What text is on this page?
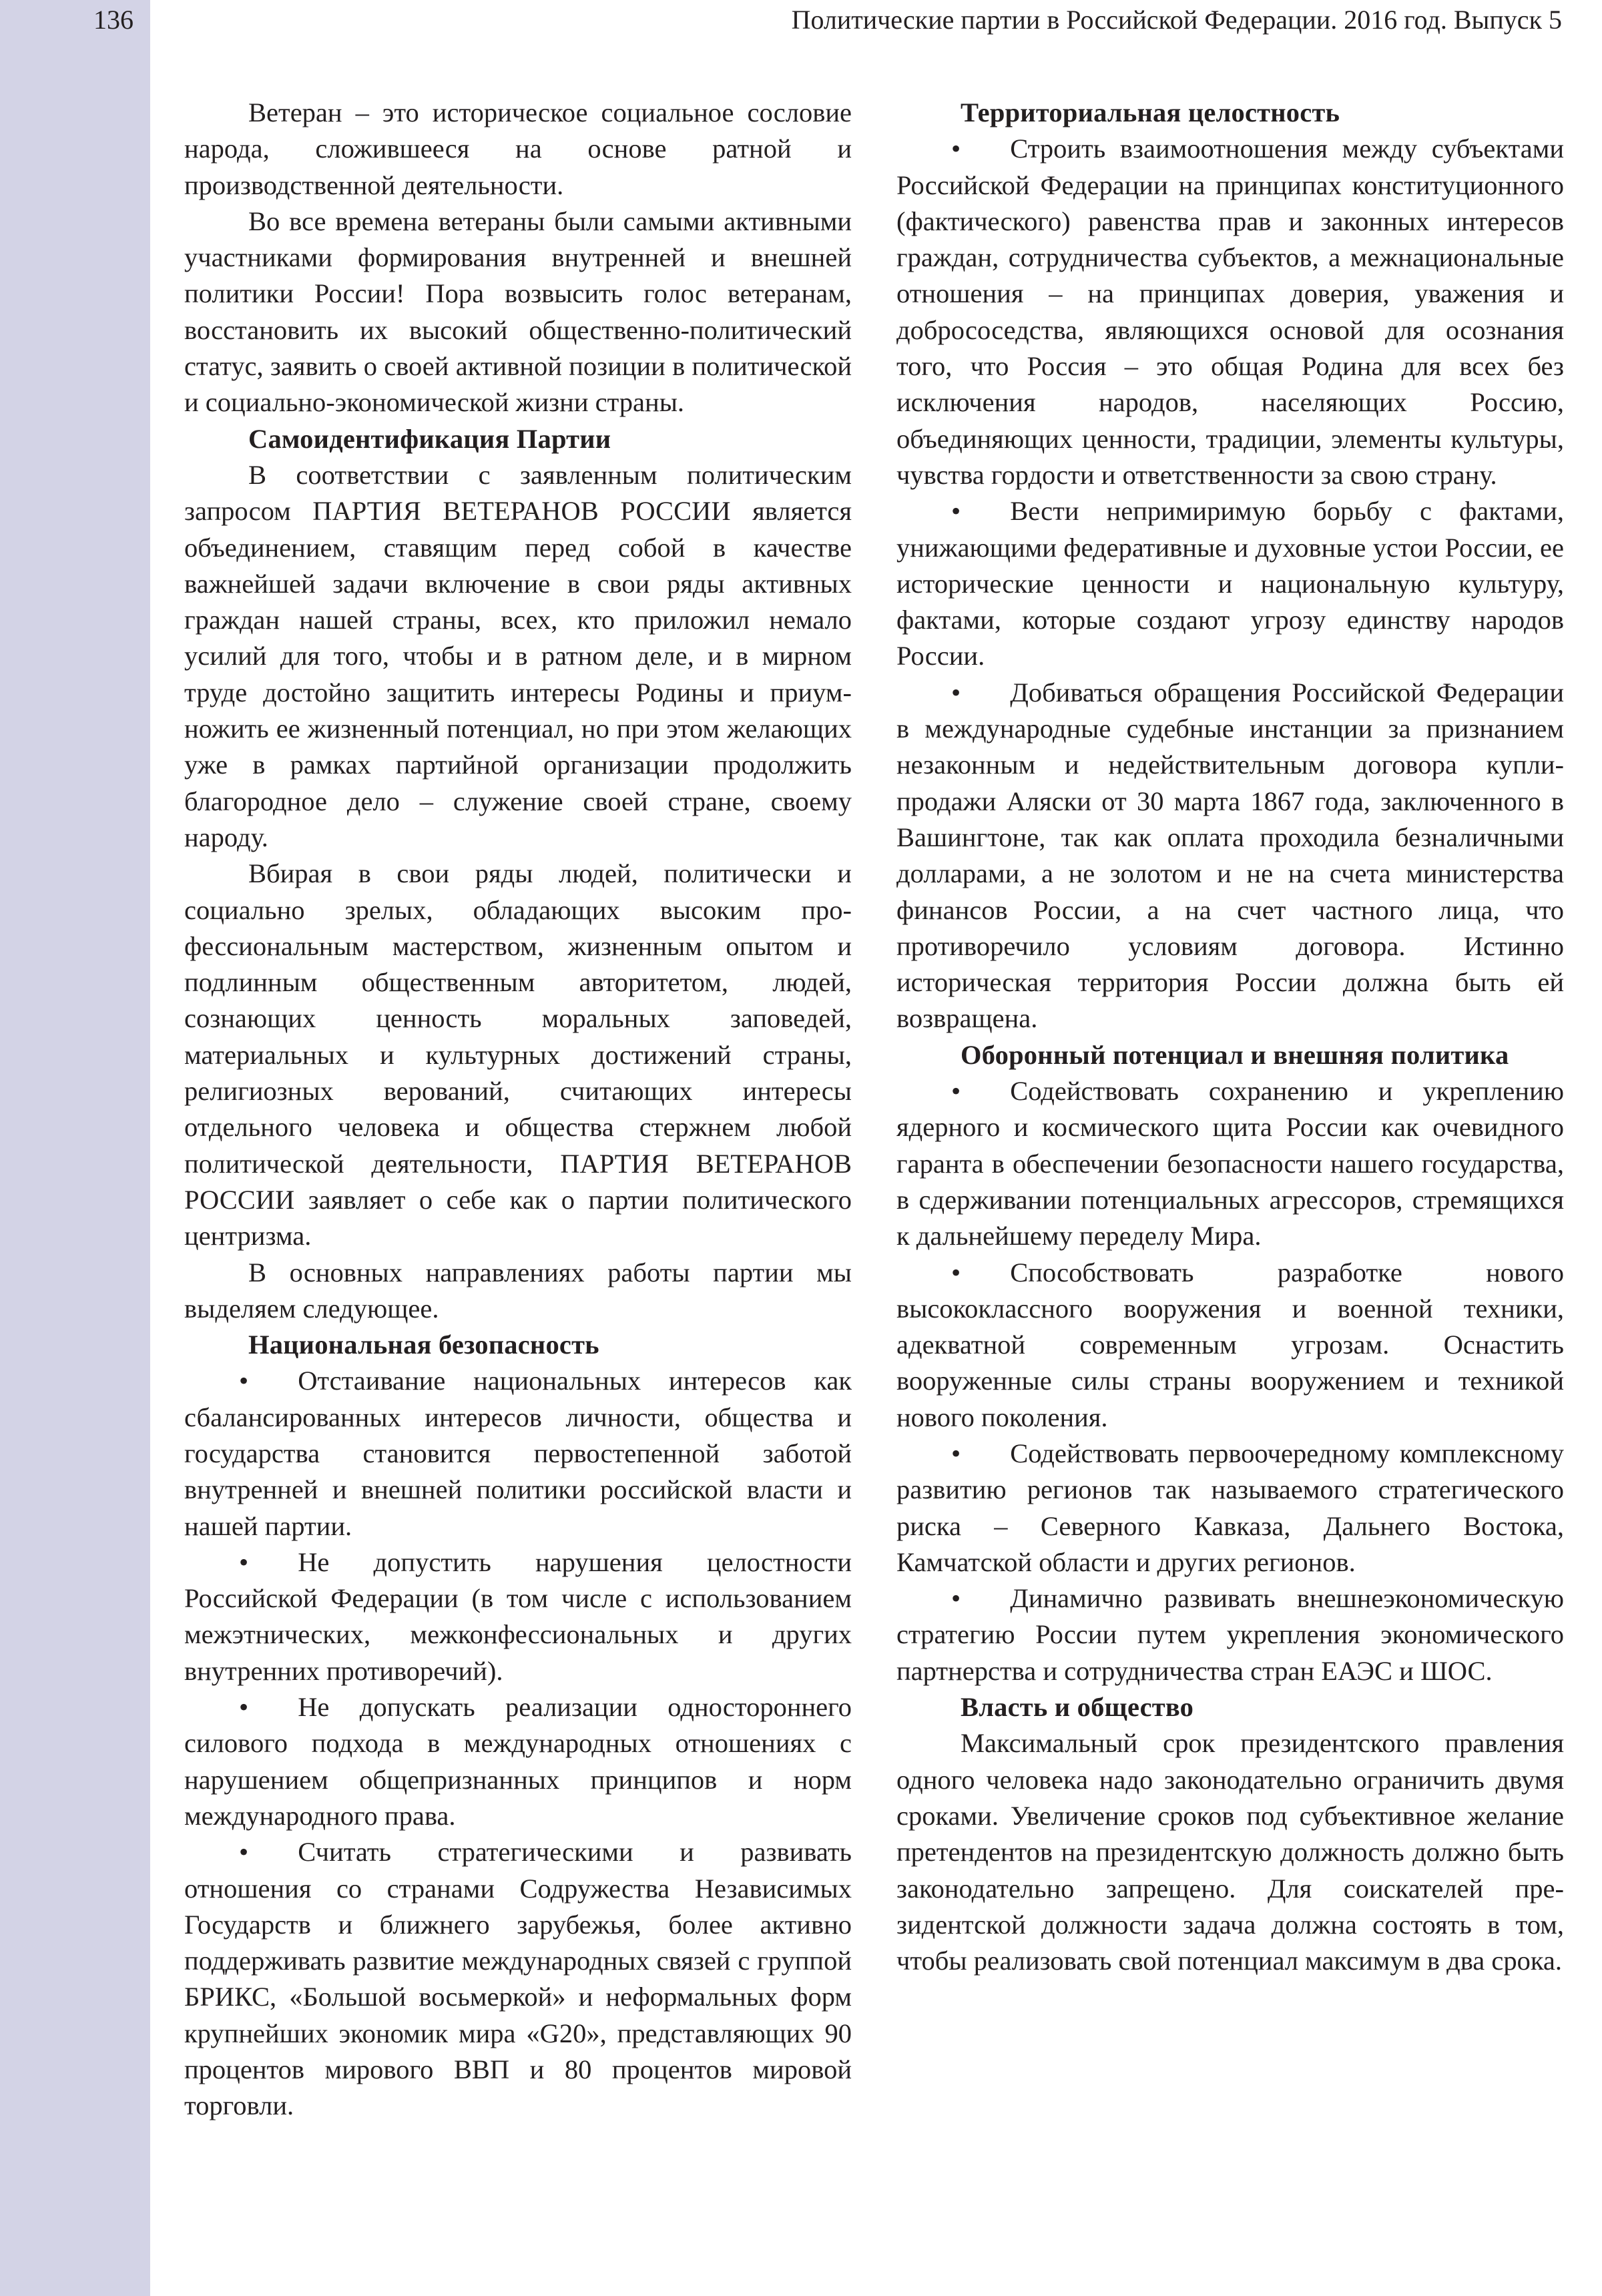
136	Политические партии в Российской Федерации. 2016 год. Выпуск 5

Ветеран – это историческое социальное сословие народа, сложившееся на основе ратной и производственной деятельности.

Во все времена ветераны были самыми активными участниками формирования внутренней и внешней политики России! Пора возвысить голос ветеранам, восстановить их высокий общественно-политический статус, заявить о своей активной позиции в политической и социально-экономической жизни страны.

Самоидентификация Партии

В соответствии с заявленным политическим запросом ПАРТИЯ ВЕТЕРАНОВ РОССИИ является объединением, ставящим перед собой в качестве важнейшей задачи включение в свои ряды активных граждан нашей страны, всех, кто приложил немало усилий для того, чтобы и в ратном деле, и в мирном труде достойно защитить интересы Родины и приумножить ее жизненный потенциал, но при этом желающих уже в рамках партийной организации продолжить благородное дело – служение своей стране, своему народу.

Вбирая в свои ряды людей, политически и социально зрелых, обладающих высоким профессиональным мастерством, жизненным опытом и подлинным общественным авторитетом, людей, сознающих ценность моральных заповедей, материальных и культурных достижений страны, религиозных верований, считающих интересы отдельного человека и общества стержнем любой политической деятельности, ПАРТИЯ ВЕТЕРАНОВ РОССИИ заявляет о себе как о партии политического центризма.

В основных направлениях работы партии мы выделяем следующее.

Национальная безопасность

• Отстаивание национальных интересов как сбалансированных интересов личности, общества и государства становится первостепенной заботой внутренней и внешней политики российской власти и нашей партии.

• Не допустить нарушения целостности Российской Федерации (в том числе с использованием межэтнических, межконфессиональных и других внутренних противоречий).

• Не допускать реализации одностороннего силового подхода в международных отношениях с нарушением общепризнанных принципов и норм международного права.

• Считать стратегическими и развивать отношения со странами Содружества Независимых Государств и ближнего зарубежья, более активно поддерживать развитие международных связей с группой БРИКС, «Большой восьмеркой» и неформальных форм крупнейших экономик мира «G20», представляющих 90 процентов мирового ВВП и 80 процентов мировой торговли.

Территориальная целостность

• Строить взаимоотношения между субъектами Российской Федерации на принципах конституционного (фактического) равенства прав и законных интересов граждан, сотрудничества субъектов, а межнациональные отношения – на принципах доверия, уважения и добрососедства, являющихся основой для осознания того, что Россия – это общая Родина для всех без исключения народов, населяющих Россию, объединяющих ценности, традиции, элементы культуры, чувства гордости и ответственности за свою страну.

• Вести непримиримую борьбу с фактами, унижающими федеративные и духовные устои России, ее исторические ценности и национальную культуру, фактами, которые создают угрозу единству народов России.

• Добиваться обращения Российской Федерации в международные судебные инстанции за признанием незаконным и недействительным договора купли-продажи Аляски от 30 марта 1867 года, заключенного в Вашингтоне, так как оплата проходила безналичными долларами, а не золотом и не на счета министерства финансов России, а на счет частного лица, что противоречило условиям договора. Истинно историческая территория России должна быть ей возвращена.

Оборонный потенциал и внешняя политика

• Содействовать сохранению и укреплению ядерного и космического щита России как очевидного гаранта в обеспечении безопасности нашего государства, в сдерживании потенциальных агрессоров, стремящихся к дальнейшему переделу Мира.

• Способствовать разработке нового высококлассного вооружения и военной техники, адекватной современным угрозам. Оснастить вооруженные силы страны вооружением и техникой нового поколения.

• Содействовать первоочередному комплексному развитию регионов так называемого стратегического риска – Северного Кавказа, Дальнего Востока, Камчатской области и других регионов.

• Динамично развивать внешнеэкономическую стратегию России путем укрепления экономического партнерства и сотрудничества стран ЕАЭС и ШОС.

Власть и общество

Максимальный срок президентского правления одного человека надо законодательно ограничить двумя сроками. Увеличение сроков под субъективное желание претендентов на президентскую должность должно быть законодательно запрещено. Для соискателей президентской должности задача должна состоять в том, чтобы реализовать свой потенциал максимум в два срока.
